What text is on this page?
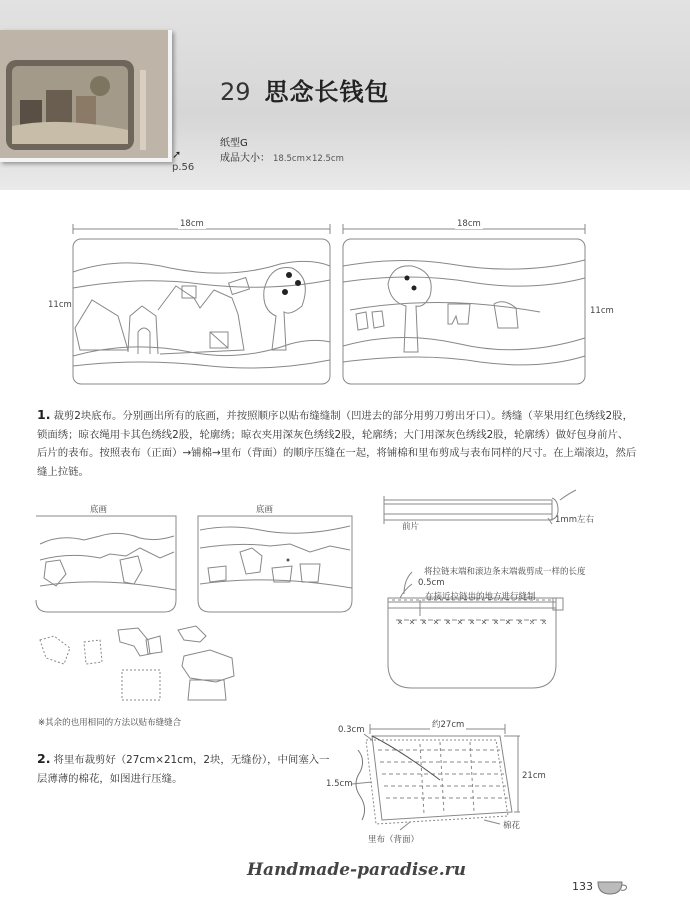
29 思念长钱包
纸型G
成品大小： 18.5cm×12.5cm
➚
p.56
18cm
11cm
18cm
11cm
1. 裁剪2块底布。分别画出所有的底画，并按照顺序以贴布缝缝制（凹进去的部分用剪刀剪出牙口）。绣缝（苹果用红色绣线2股，锁面绣；晾衣绳用卡其色绣线2股，轮廓绣；晾衣夹用深灰色绣线2股，轮廓绣；大门用深灰色绣线2股，轮廓绣）做好包身前片、后片的表布。按照表布（正面）→铺棉→里布（背面）的顺序压缝在一起，将铺棉和里布剪成与表布同样的尺寸。在上端滚边，然后缝上拉链。
底画	底画
※其余的也用相同的方法以贴布缝缝合
前片
1mm左右
将拉链末端和滚边条末端裁剪成一样的长度
0.5cm
在接近拉链齿的地方进行缝制
2. 将里布裁剪好（27cm×21cm，2块，无缝份），中间塞入一层薄薄的棉花，如图进行压缝。
约27cm
21cm
0.3cm
1.5cm
棉花
里布（背面）
Handmade-paradise.ru
133
